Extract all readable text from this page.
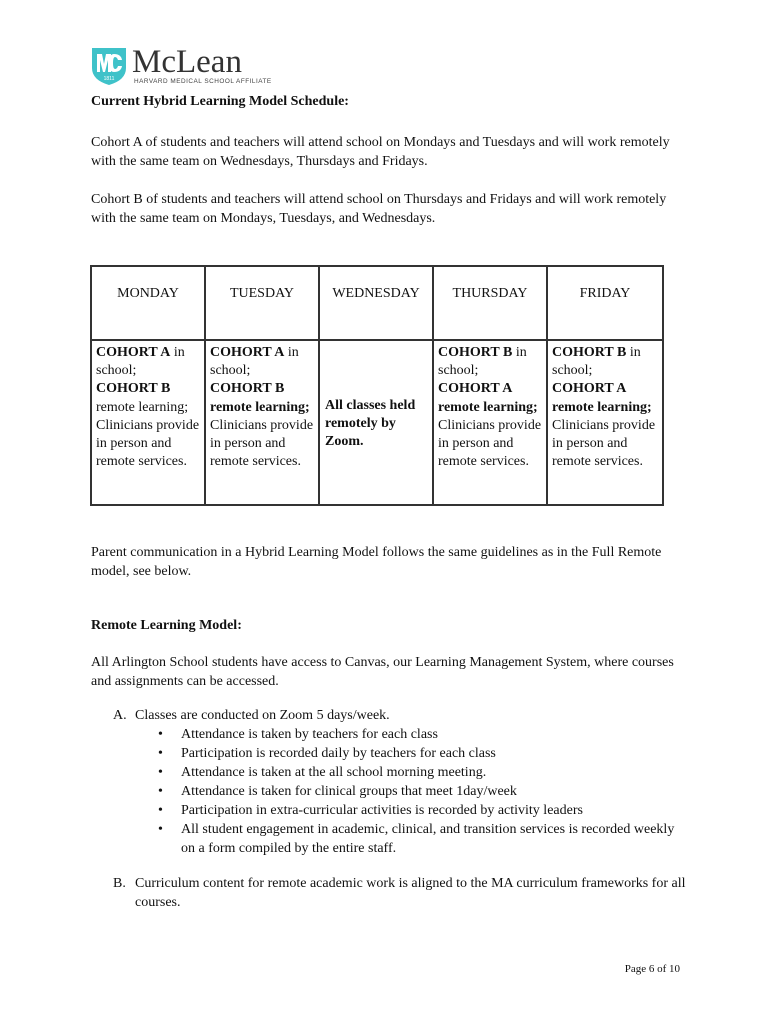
1811 McLean
HARVARD MEDICAL SCHOOL AFFILIATE
Current Hybrid Learning Model Schedule:
Cohort A of students and teachers will attend school on Mondays and Tuesdays and will work remotely with the same team on Wednesdays, Thursdays and Fridays.
Cohort B of students and teachers will attend school on Thursdays and Fridays and will work remotely with the same team on Mondays, Tuesdays, and Wednesdays.
MONDAY	TUESDAY	WEDNESDAY	THURSDAY	FRIDAY
COHORT A in school;
COHORT B
remote learning; Clinicians provide in person and remote services.	COHORT A in school;
COHORT B remote learning;
Clinicians provide in person and remote services.	All classes held remotely by Zoom.	COHORT B in school;
COHORT A remote learning;
Clinicians provide in person and remote services.	COHORT B in school;
COHORT A remote learning;
Clinicians provide in person and remote services.
Parent communication in a Hybrid Learning Model follows the same guidelines as in the Full Remote model, see below.
Remote Learning Model:
All Arlington School students have access to Canvas, our Learning Management System, where courses and assignments can be accessed.
A. Classes are conducted on Zoom 5 days/week.
• Attendance is taken by teachers for each class
• Participation is recorded daily by teachers for each class
• Attendance is taken at the all school morning meeting.
• Attendance is taken for clinical groups that meet 1day/week
• Participation in extra-curricular activities is recorded by activity leaders
• All student engagement in academic, clinical, and transition services is recorded weekly on a form compiled by the entire staff.
B. Curriculum content for remote academic work is aligned to the MA curriculum frameworks for all courses.
Page 6 of 10
